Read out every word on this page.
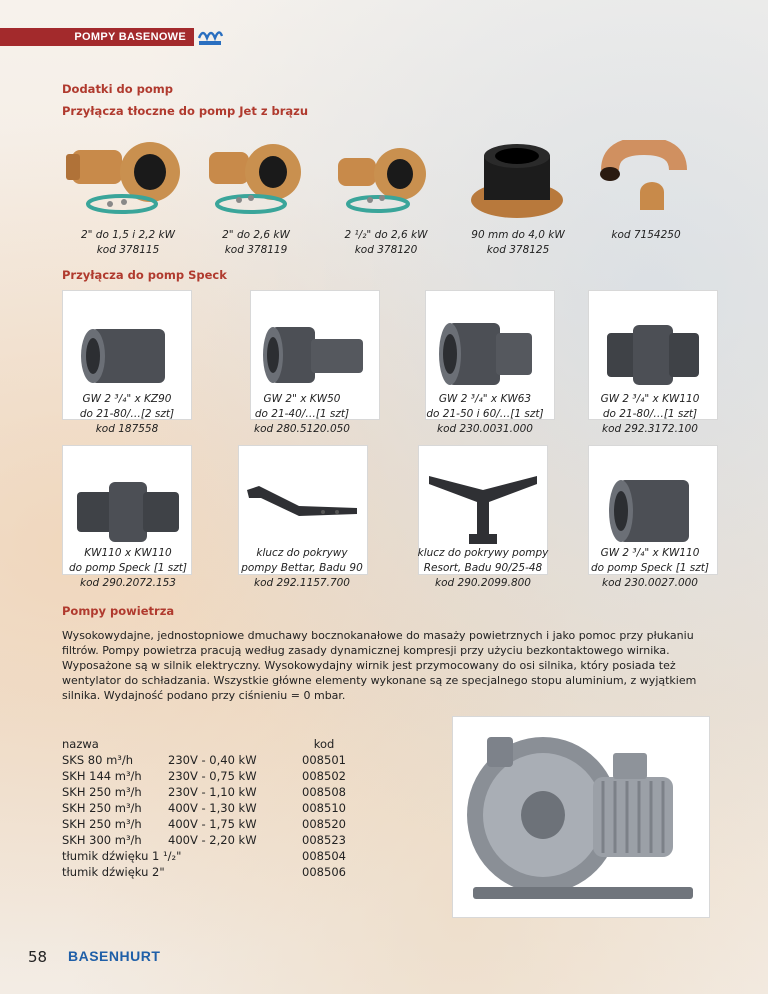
POMPY BASENOWE
Dodatki do pomp
Przyłącza tłoczne do pomp Jet z brązu
2" do 1,5 i 2,2 kW
kod 378115
2" do 2,6 kW
kod 378119
2 ¹/₂" do 2,6 kW
kod 378120
90 mm do 4,0 kW
kod 378125
kod 7154250
Przyłącza do pomp Speck
GW 2 ³/₄" x KZ90
do 21-80/…[2 szt]
kod 187558
GW 2" x KW50
do 21-40/…[1 szt]
kod 280.5120.050
GW 2 ³/₄" x KW63
do 21-50 i 60/…[1 szt]
kod 230.0031.000
GW 2 ³/₄" x KW110
do 21-80/…[1 szt]
kod 292.3172.100
KW110 x KW110
do pomp Speck [1 szt]
kod 290.2072.153
klucz do pokrywy
pompy Bettar, Badu 90
kod 292.1157.700
klucz do pokrywy pompy
Resort, Badu 90/25-48
kod 290.2099.800
GW 2 ³/₄" x KW110
do pomp Speck [1 szt]
kod 230.0027.000
Pompy powietrza
Wysokowydajne, jednostopniowe dmuchawy bocznokanałowe do masaży powietrznych i jako pomoc przy płukaniu filtrów. Pompy powietrza pracują według zasady dynamicznej kompresji przy użyciu bezkontaktowego wirnika. Wyposażone są w silnik elektryczny. Wysokowydajny wirnik jest przymocowany do osi silnika, który posiada też wentylator do schładzania. Wszystkie główne elementy wykonane są ze specjalnego stopu aluminium, z wyjątkiem silnika. Wydajność podano przy ciśnieniu = 0 mbar.
nazwa
SKS 80 m³/h
SKH 144 m³/h
SKH 250 m³/h
SKH 250 m³/h
SKH 250 m³/h
SKH 300 m³/h
tłumik dźwięku 1 ¹/₂"
tłumik dźwięku 2"
230V - 0,40 kW
230V - 0,75 kW
230V - 1,10 kW
400V - 1,30 kW
400V - 1,75 kW
400V - 2,20 kW
kod
008501
008502
008508
008510
008520
008523
008504
008506
58 BASENHURT
